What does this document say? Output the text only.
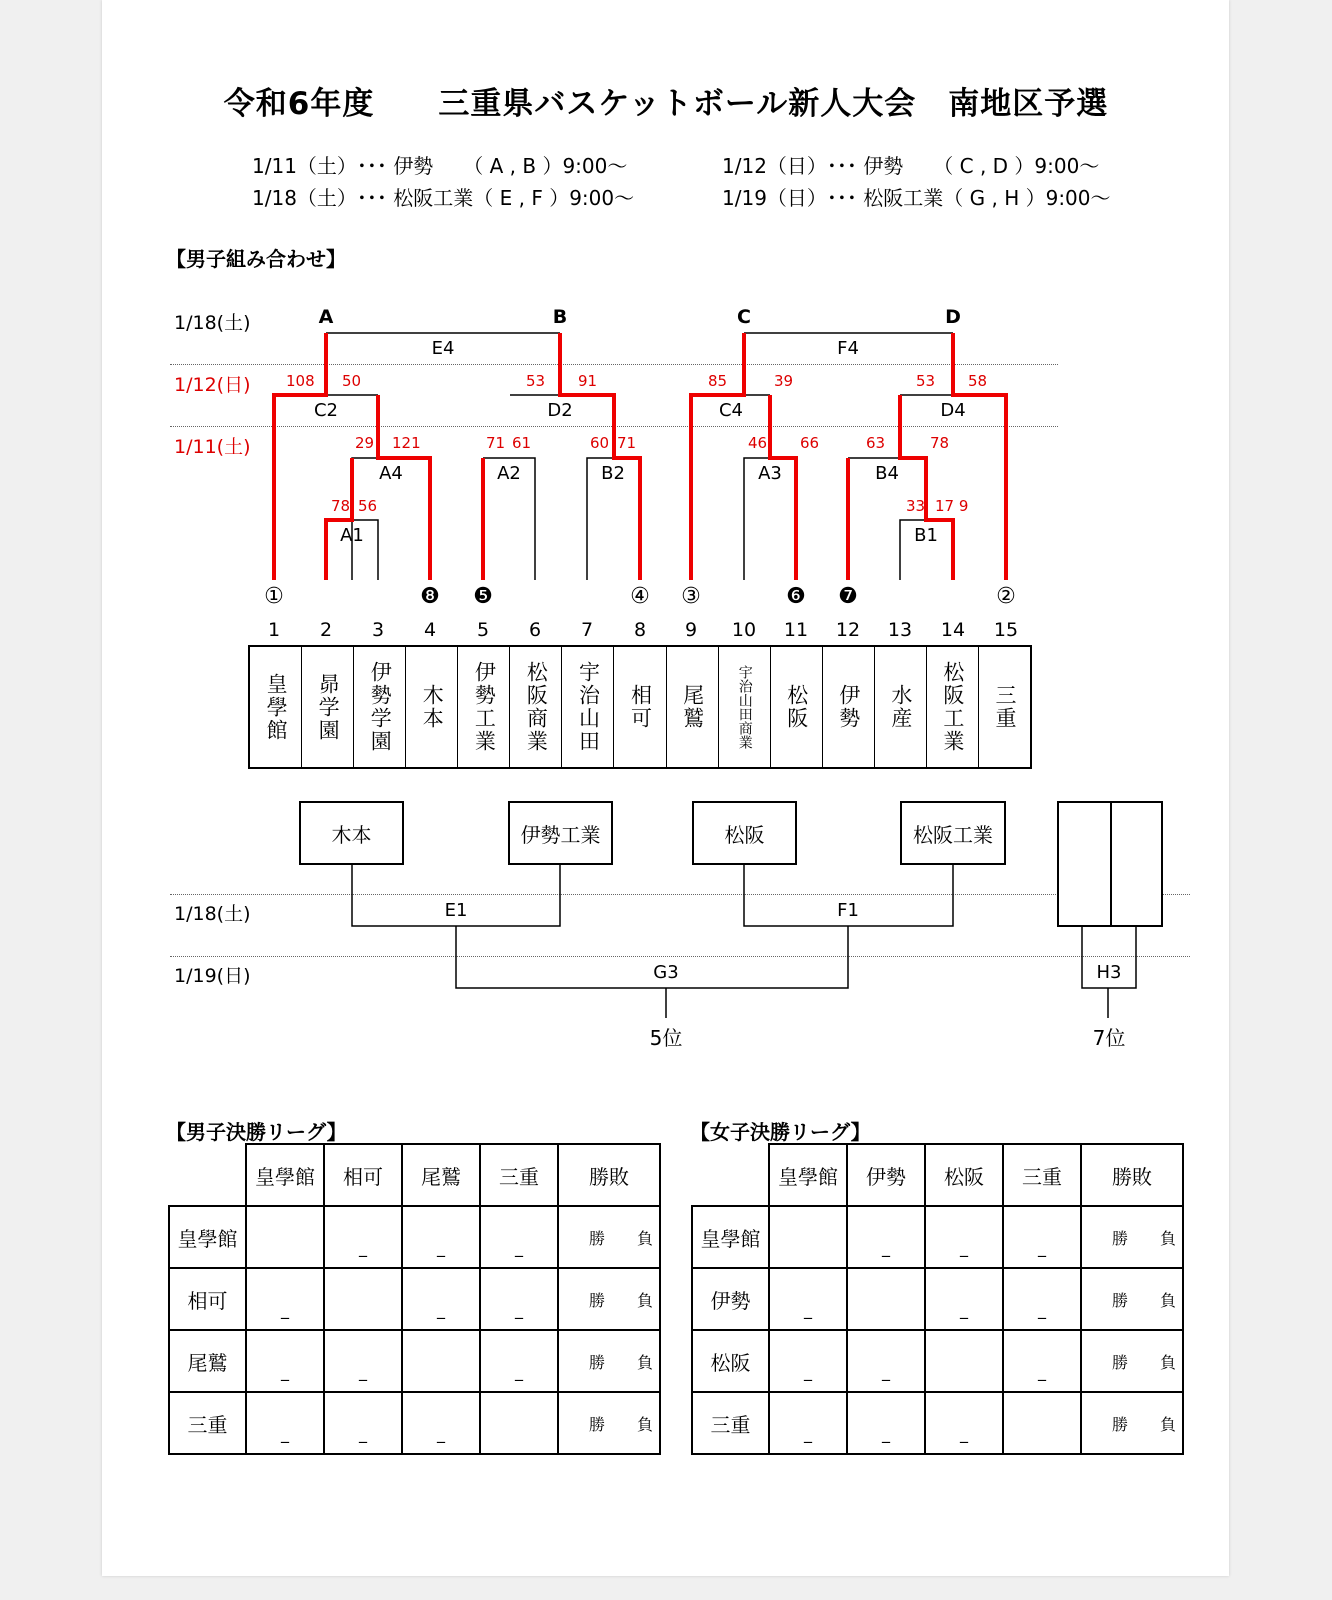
令和6年度　　三重県バスケットボール新人大会　南地区予選
1/11（土）･･･ 伊勢　　（ A , B ）9:00～	1/12（日）･･･ 伊勢　　（ C , D ）9:00～
1/18（土）･･･ 松阪工業（ E , F ）9:00～	1/19（日）･･･ 松阪工業（ G , H ）9:00～
【男子組み合わせ】
1/18(土)
1/12(日)
1/11(土)
1/18(土)
1/19(日)
A	B	C	D
E4	F4
C2	D2	C4	D4
A4	A2	B2	A3	B4
A1	B1
108 50	53 91	85	39	53 58
29 121	71 61	60 71	46 66	63	78
78 56	33 17 9
①	❽	❺	④	③	❻	❼	②
1	2	3	4	5	6	7	8	9	10	11	12	13	14	15
皇學館	昴学園	伊勢学園	木本	伊勢工業	松阪商業	宇治山田	相可	尾鷲	宇治山田商業	松阪	伊勢	水産	松阪工業	三重
木本	伊勢工業	松阪	松阪工業
E1	F1
G3	H3
5位	7位
【男子決勝リーグ】
	皇學館	相可	尾鷲	三重	勝敗
皇學館		_	_	_	勝 負

相可	_		_	_	勝 負

尾鷲	_	_		_	勝 負

三重	_	_	_		勝 負
【女子決勝リーグ】
	皇學館	伊勢	松阪	三重	勝敗
皇學館		_	_	_	勝 負

伊勢	_		_	_	勝 負

松阪	_	_		_	勝 負

三重	_	_	_		勝 負
